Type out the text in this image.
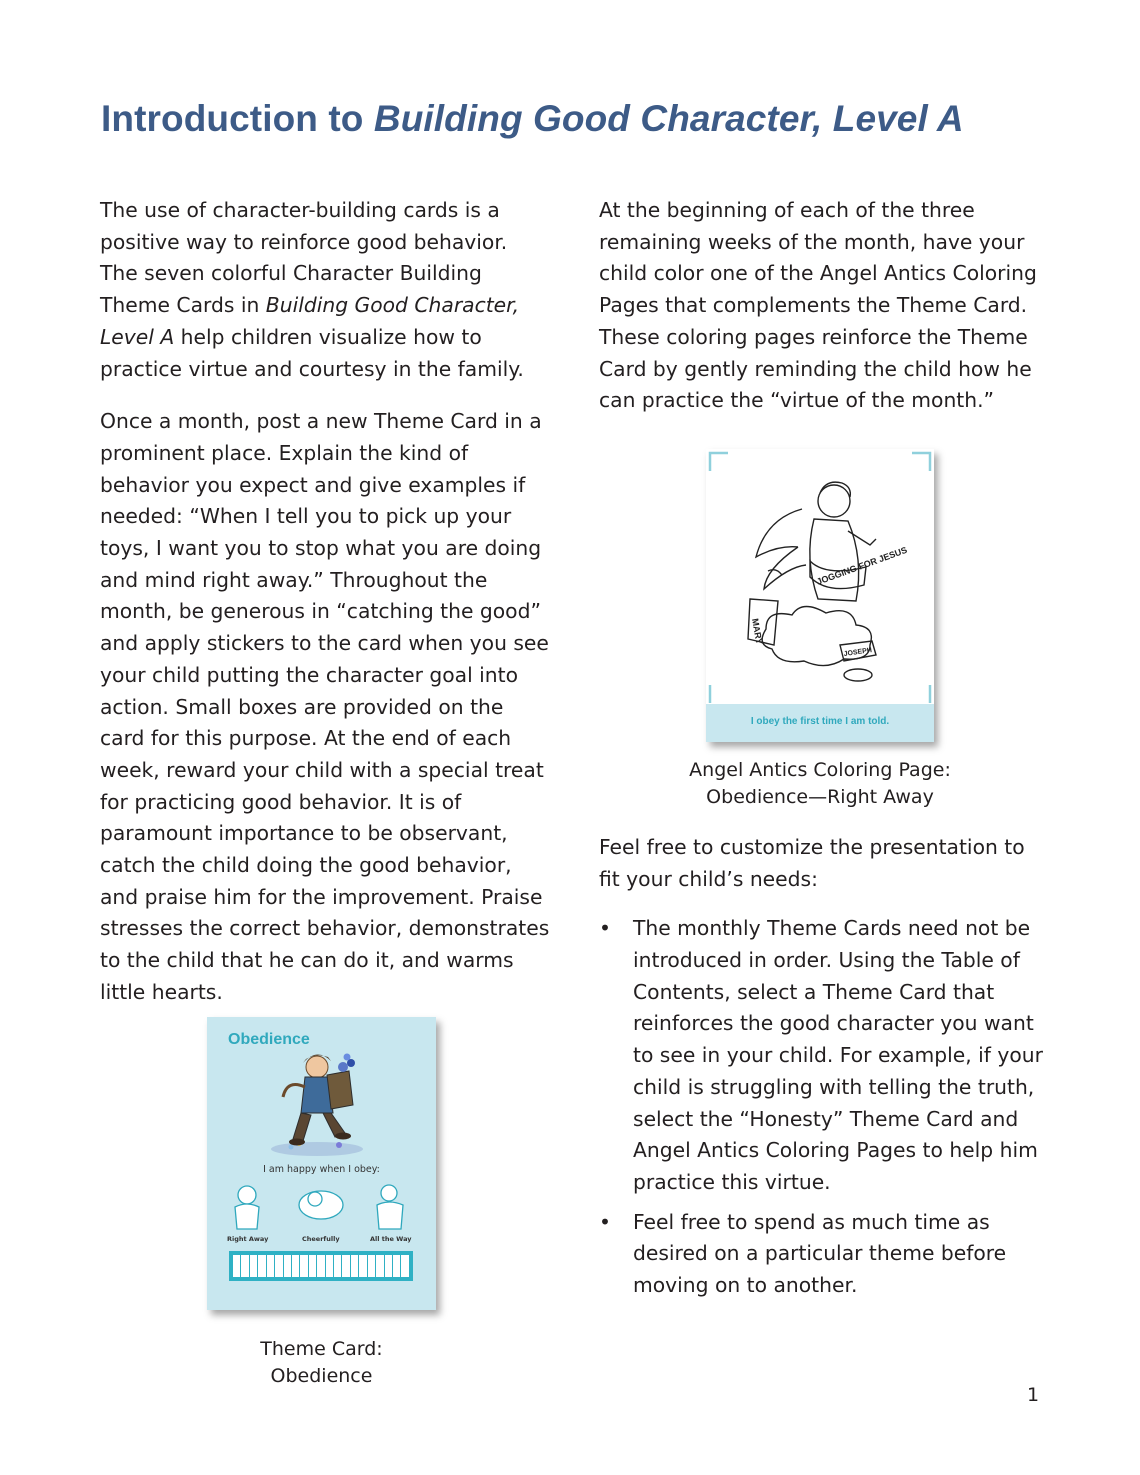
Introduction to Building Good Character, Level A

The use of character-building cards is a positive way to reinforce good behavior. The seven colorful Character Building Theme Cards in Building Good Character, Level A help children visualize how to practice virtue and courtesy in the family.

Once a month, post a new Theme Card in a prominent place. Explain the kind of behavior you expect and give examples if needed: “When I tell you to pick up your toys, I want you to stop what you are doing and mind right away.” Throughout the month, be generous in “catching the good” and apply stickers to the card when you see your child putting the character goal into action. Small boxes are provided on the card for this purpose. At the end of each week, reward your child with a special treat for practicing good behavior. It is of paramount importance to be observant, catch the child doing the good behavior, and praise him for the improvement. Praise stresses the correct behavior, demonstrates to the child that he can do it, and warms little hearts.

Obedience
I am happy when I obey:
Right Away	Cheerfully	All the Way
Theme Card: Obedience

At the beginning of each of the three remaining weeks of the month, have your child color one of the Angel Antics Coloring Pages that complements the Theme Card. These coloring pages reinforce the Theme Card by gently reminding the child how he can practice the “virtue of the month.”

Feel free to customize the presentation to fit your child’s needs:

• The monthly Theme Cards need not be introduced in order. Using the Table of Contents, select a Theme Card that reinforces the good character you want to see in your child. For example, if your child is struggling with telling the truth, select the “Honesty” Theme Card and Angel Antics Coloring Pages to help him practice this virtue.
• Feel free to spend as much time as desired on a particular theme before moving on to another.
JOGGING FOR JESUS
MARY
JOSEPH
I obey the first time I am told.
Angel Antics Coloring Page:
Obedience—Right Away
1
